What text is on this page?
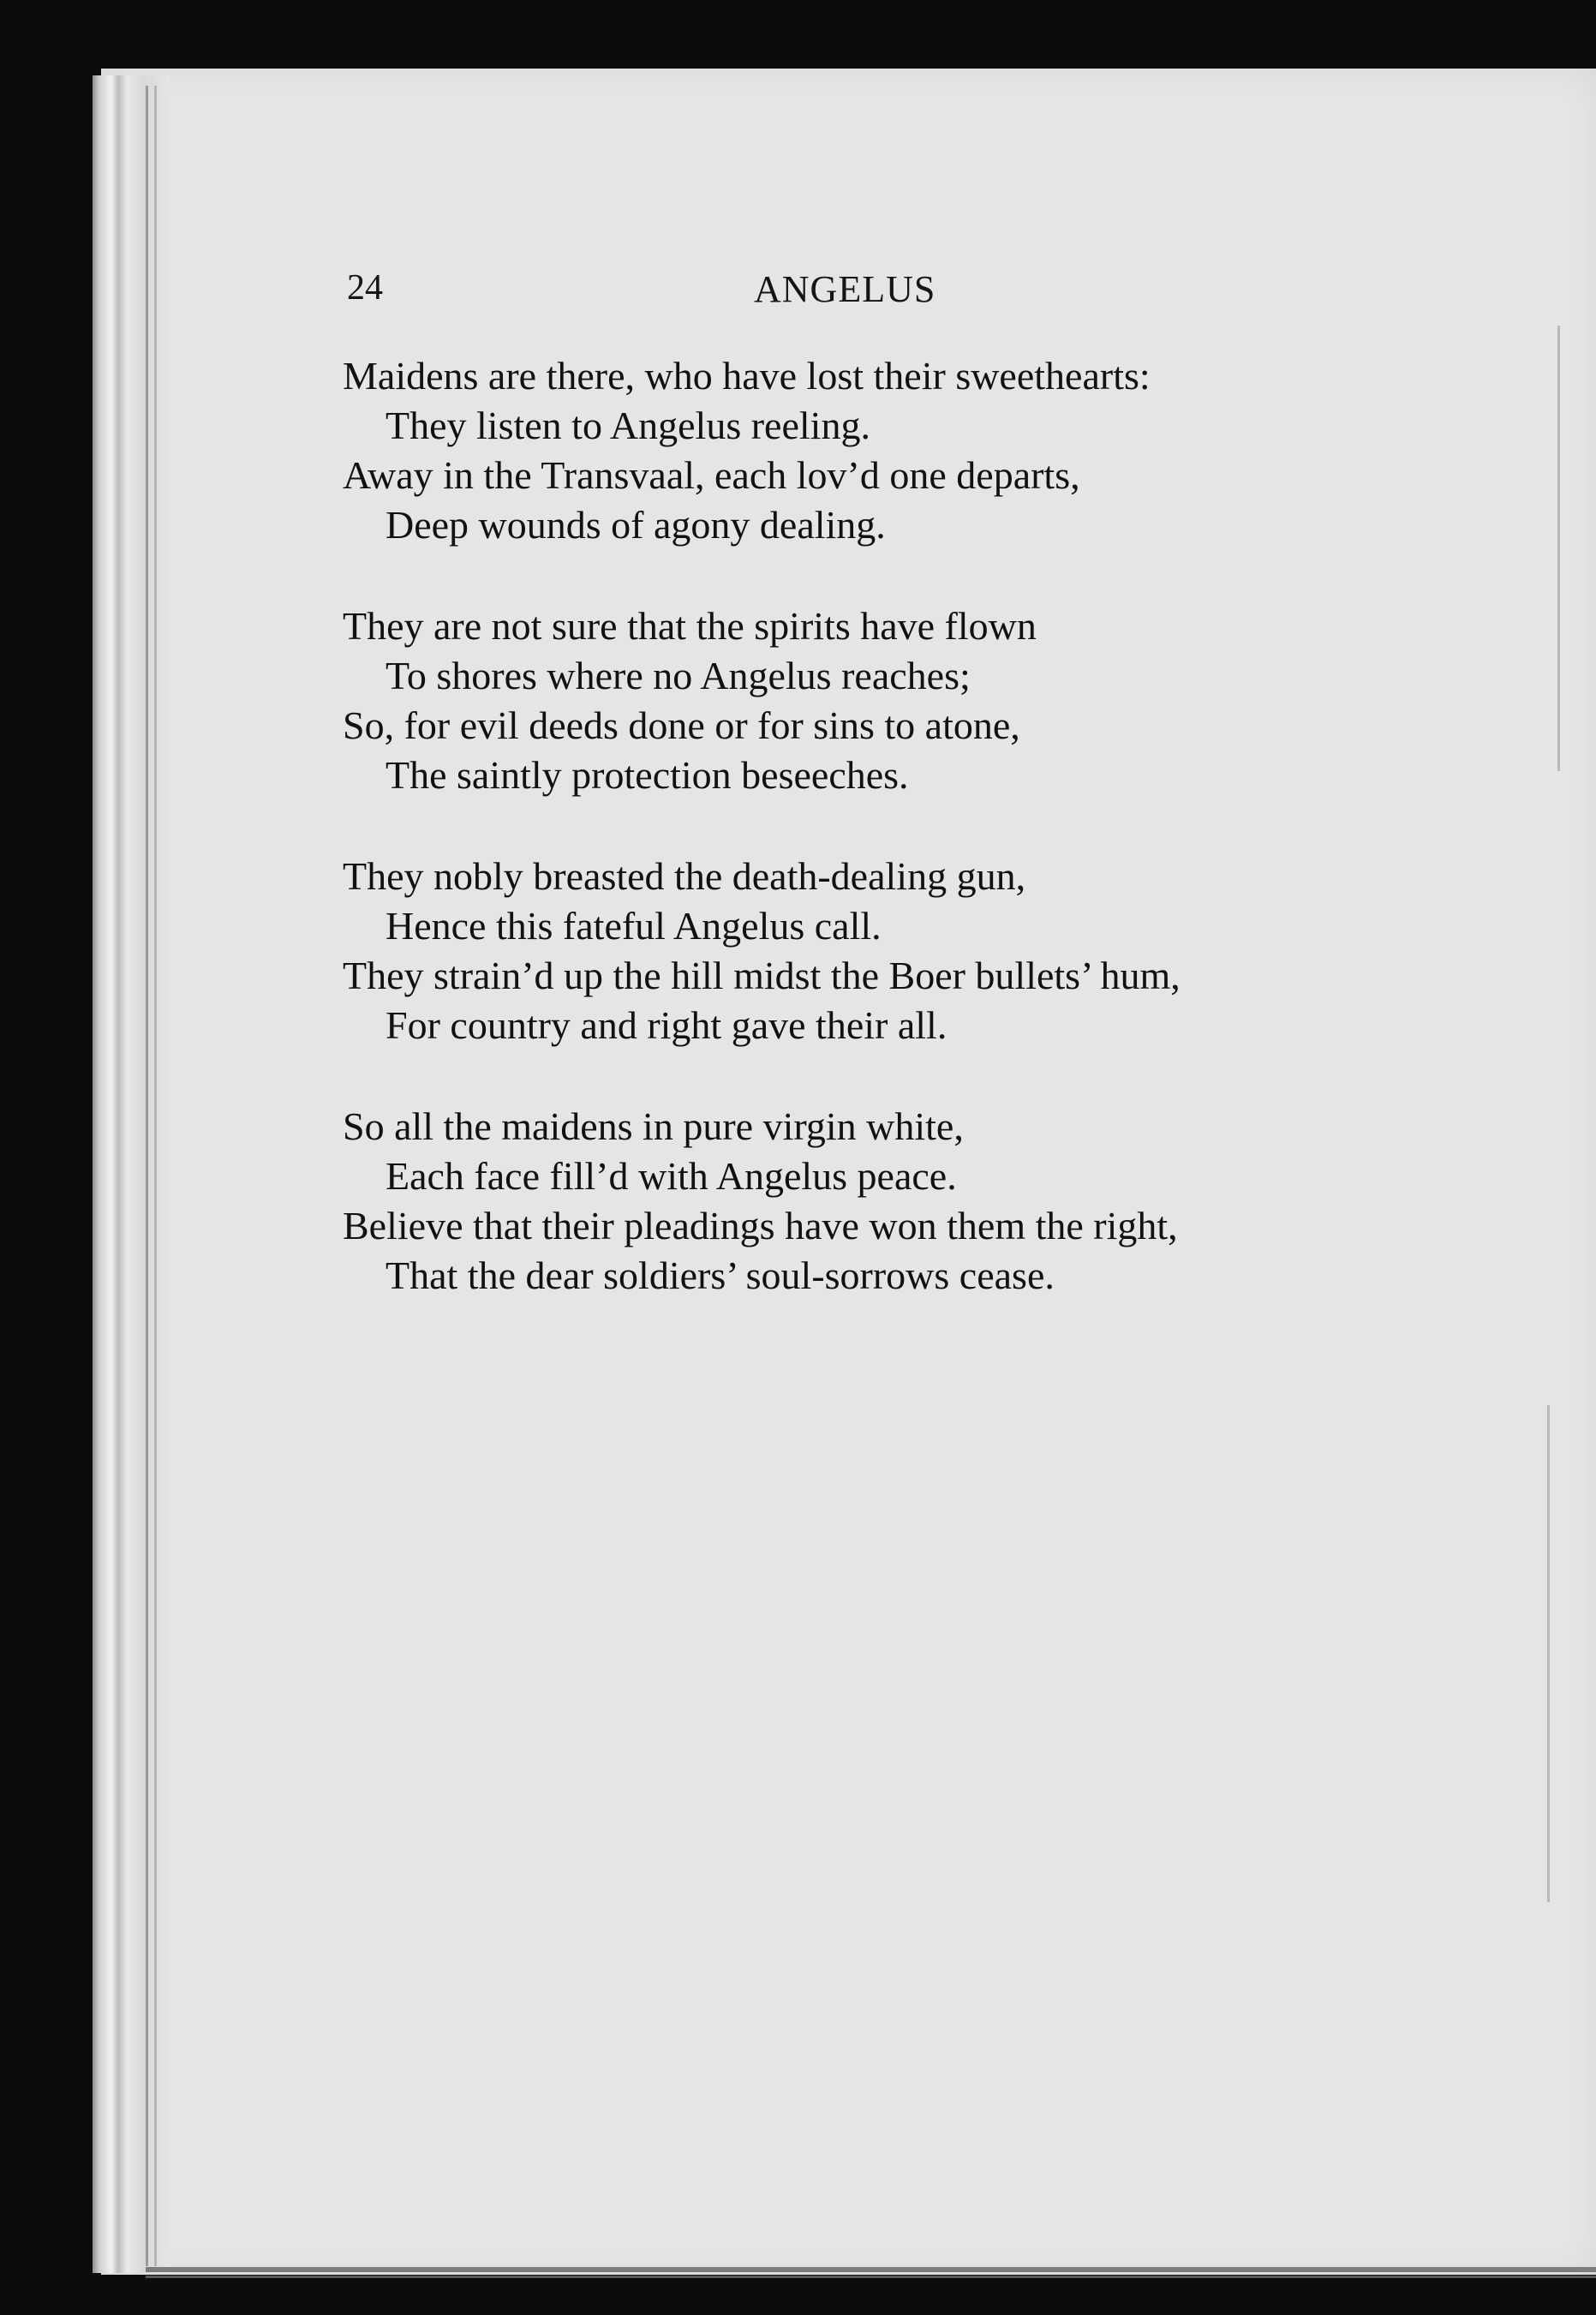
24	ANGELUS
Maidens are there, who have lost their sweethearts:
They listen to Angelus reeling.
Away in the Transvaal, each lov’d one departs,
Deep wounds of agony dealing.
They are not sure that the spirits have flown
To shores where no Angelus reaches;
So, for evil deeds done or for sins to atone,
The saintly protection beseeches.
They nobly breasted the death-dealing gun,
Hence this fateful Angelus call.
They strain’d up the hill midst the Boer bullets’ hum,
For country and right gave their all.
So all the maidens in pure virgin white,
Each face fill’d with Angelus peace.
Believe that their pleadings have won them the right,
That the dear soldiers’ soul-sorrows cease.
